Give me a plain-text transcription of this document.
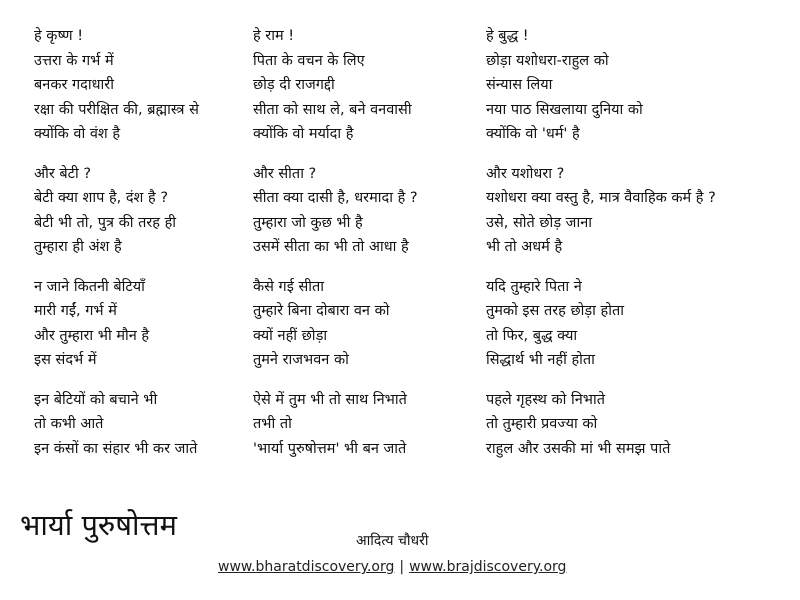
हे कृष्ण !
उत्तरा के गर्भ में
बनकर गदाधारी
रक्षा की परीक्षित की, ब्रह्मास्त्र से
क्योंकि वो वंश है
और बेटी ?
बेटी क्या शाप है, दंश है ?
बेटी भी तो, पुत्र की तरह ही
तुम्हारा ही अंश है
न जाने कितनी बेटियाँ
मारी गईं, गर्भ में
और तुम्हारा भी मौन है
इस संदर्भ में
इन बेटियों को बचाने भी
तो कभी आते
इन कंसों का संहार भी कर जाते
हे राम !
पिता के वचन के लिए
छोड़ दी राजगद्दी
सीता को साथ ले, बने वनवासी
क्योंकि वो मर्यादा है
और सीता ?
सीता क्या दासी है, धरमादा है ?
तुम्हारा जो कुछ भी है
उसमें सीता का भी तो आधा है
कैसे गई सीता
तुम्हारे बिना दोबारा वन को
क्यों नहीं छोड़ा
तुमने राजभवन को
ऐसे में तुम भी तो साथ निभाते
तभी तो
'भार्या पुरुषोत्तम' भी बन जाते
हे बुद्ध !
छोड़ा यशोधरा-राहुल को
संन्यास लिया
नया पाठ सिखलाया दुनिया को
क्योंकि वो 'धर्म' है
और यशोधरा ?
यशोधरा क्या वस्तु है, मात्र वैवाहिक कर्म है ?
उसे, सोते छोड़ जाना
भी तो अधर्म है
यदि तुम्हारे पिता ने
तुमको इस तरह छोड़ा होता
तो फिर, बुद्ध क्या
सिद्धार्थ भी नहीं होता
पहले गृहस्थ को निभाते
तो तुम्हारी प्रवज्या को
राहुल और उसकी मां भी समझ पाते
भार्या पुरुषोत्तम	आदित्य चौधरी
www.bharatdiscovery.org | www.brajdiscovery.org
